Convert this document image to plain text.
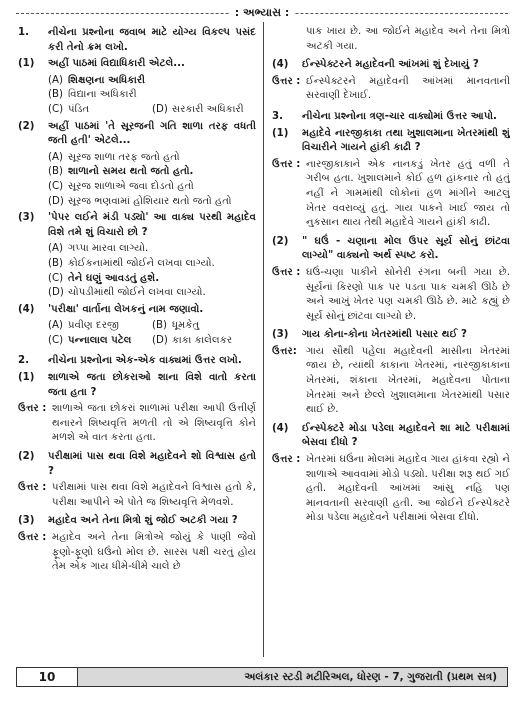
: અભ્યાસ :
1.	નીચેના પ્રશ્નોના જવાબ માટે યોગ્ય વિકલ્પ પસંદ કરી તેનો ક્રમ લખો.
(1)	અહીં પાઠમાં વિદ્યાધિકારી એટલે...
(A) શિક્ષણના અધિકારી
(B) વિદ્યાના અધિકારી
(C) પંડિત	(D) સરકારી અધિકારી
(2)	અહીં પાઠમાં 'તે સૂરજની ગતિ શાળા તરફ વધતી જતી હતી' એટલે...
(A) સૂરજ શાળા તરફ જતો હતો
(B) શાળાનો સમય થતો જતો હતો.
(C) સૂરજ શાળાએ જવા દોડતો હતો
(D) સૂરજ ભણવામાં હોશિયાર થતો જતો હતો
(3)	'પેપર લઈને મંડી પડ્યો' આ વાક્ય પરથી મહાદેવ વિશે તમે શું વિચારો છો ?
(A) ગપ્પા મારવા લાગ્યો.
(B) કોઈકનામાંથી જોઈને લખવા લાગ્યો.
(C) તેને ઘણું આવડતું હશે.
(D) ચોપડીમાંથી જોઈને લખવા લાગ્યો.
(4)	'પરીક્ષા' વાર્તાના લેખકનું નામ જણાવો.
(A) પ્રવીણ દરજી	(B) ધૂમકેતુ
(C) પન્નાલાલ પટેલ (D) કાકા કાલેલકર
2.	નીચેના પ્રશ્નોના એક-એક વાક્યમાં ઉત્તર લખો.
(1)	શાળાએ જતા છોકરાઓ શાના વિશે વાતો કરતા જતા હતા ?
ઉત્તર : શાળાએ જતા છોકરાં શાળામાં પરીક્ષા આપી ઉત્તીર્ણ થનારને શિષ્યવૃત્તિ મળતી તો એ શિષ્યવૃત્તિ કોને મળશે એ વાત કરતા હતા.
(2)	પરીક્ષામાં પાસ થવા વિશે મહાદેવને શો વિશ્વાસ હતો ?
ઉત્તર : પરીક્ષામાં પાસ થવા વિશે મહાદેવને વિશ્વાસ હતો કે, પરીક્ષા આપીને એ પોતે જ શિષ્યવૃત્તિ મેળવશે.
(3)	મહાદેવ અને તેના મિત્રો શું જોઈ અટકી ગયા ?
ઉત્તર : મહાદેવ અને તેના મિત્રોએ જોયું કે પાણી જેવો ફૂણો-ફૂણો ઘઉંનો મોલ છે. સારસ પક્ષી ચરતું હોય તેમ એક ગાય ધીમે-ધીમે ચાલે છે
પાક ખાય છે. આ જોઈને મહાદેવ અને તેના મિત્રો અટકી ગયા.
(4)	ઈન્સ્પેક્ટરને મહાદેવની આંખમાં શું દેખાયું ?
ઉત્તર : ઈન્સ્પેક્ટરને મહાદેવની આંખમાં માનવતાની સરવાણી દેખાઈ.
3.	નીચેના પ્રશ્નોના ત્રણ-ચાર વાક્યોમાં ઉત્તર આપો.
(1)	મહાદેવે નારજીકાકા તથા ખુશાલમાના ખેતરમાંથી શું વિચારીને ગાયને હાંકી કાઢી ?
ઉત્તર : નારજીકાકાને એક નાનકડું ખેતર હતું વળી તે ગરીબ હતા. ખુશાલમાને કોઈ હળ હાંકનાર તો હતું નહીં ને ગામમાંથી લોકોનાં હળ માંગીને આટલું ખેતર વવરાવ્યું હતું. ગાય પાકને ખાઈ જાય તો નુકસાન થાય તેથી મહાદેવે ગાયને હાંકી કાઢી.
(2)	" ઘઉં - ચણાના મોલ ઉપર સૂર્ય સોનું છાંટવા લાગ્યો" વાક્યનો અર્થ સ્પષ્ટ કરો.
ઉત્તર : ઘઉં-ચણા પાકીને સોનેરી રંગના બની ગયા છે. સૂર્યનાં કિરણો પાક પર પડતા પાક ચમકી ઊઠે છે અને આખું ખેતર પણ ચમકી ઊઠે છે. માટે કહ્યું છે સૂર્ય સોનું છાંટવા લાગ્યો છે.
(3)	ગાય કોના-કોના ખેતરમાંથી પસાર થઈ ?
ઉત્તર: ગાય સૌથી પહેલા મહાદેવની માસીના ખેતરમાં જાય છે, ત્યાંથી કાકાના ખેતરમાં, નારજીકાકાના ખેતરમાં, શંકાના ખેતરમાં, મહાદેવના પોતાના ખેતરમાં અને છેલ્લે ખુશાલમાના ખેતરમાંથી પસાર થાઈ છે.
(4)	ઈન્સ્પેક્ટરે મોડા પડેલા મહાદેવને શા માટે પરીક્ષામાં બેસવા દીધો ?
ઉત્તર : ખેતરમાં ઘઉંના મોલમાં મહાદેવ ગાય હાંકવા રહ્યો ને શાળાએ આવવામાં મોડો પડ્યો. પરીક્ષા શરૂ થઈ ગઈ હતી. મહાદેવની આંખમાં આંસુ નહિ પણ માનવતાની સરવાણી હતી. આ જોઈને ઈન્સ્પેક્ટરે મોડા પડેલા મહાદેવને પરીક્ષામાં બેસવા દીધો.
10	અલંકાર સ્ટડી મટીરિઅલ, ધોરણ - 7, ગુજરાતી (પ્રથમ સત્ર)
